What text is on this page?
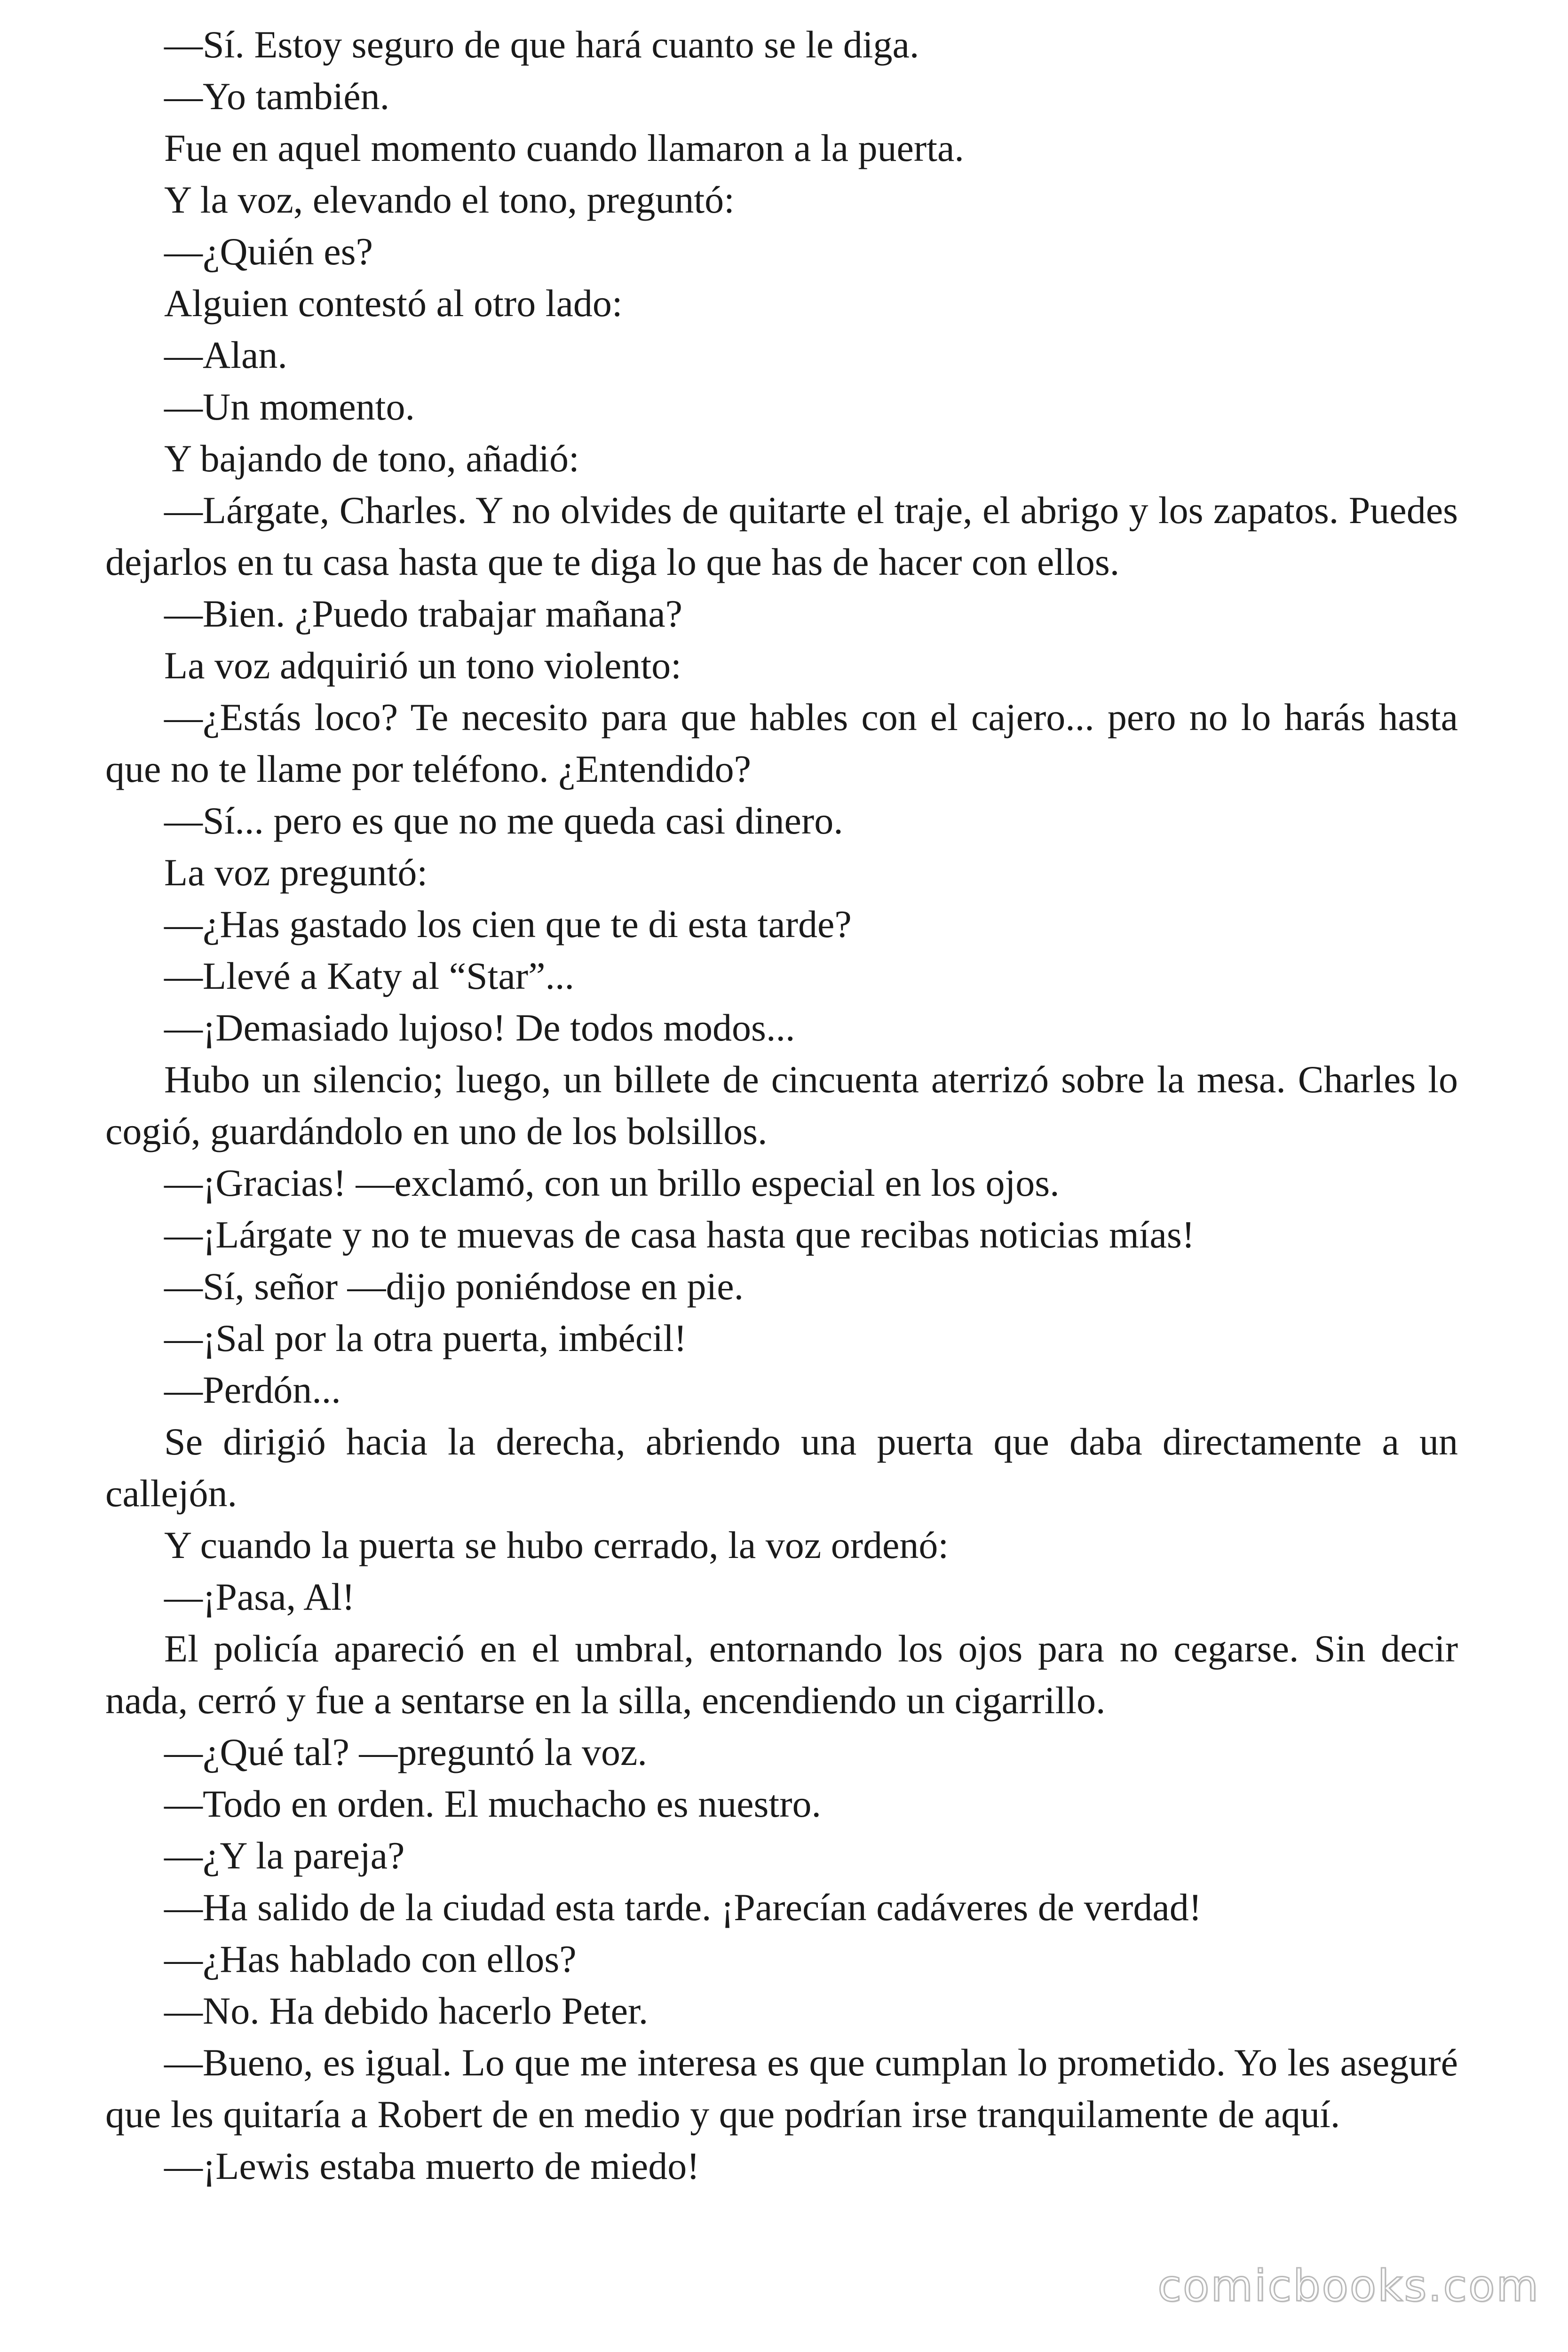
—Sí. Estoy seguro de que hará cuanto se le diga.

—Yo también.

Fue en aquel momento cuando llamaron a la puerta.

Y la voz, elevando el tono, preguntó:

—¿Quién es?

Alguien contestó al otro lado:

—Alan.

—Un momento.

Y bajando de tono, añadió:

—Lárgate, Charles. Y no olvides de quitarte el traje, el abrigo y los zapatos. Puedes dejarlos en tu casa hasta que te diga lo que has de hacer con ellos.

—Bien. ¿Puedo trabajar mañana?

La voz adquirió un tono violento:

—¿Estás loco? Te necesito para que hables con el cajero... pero no lo harás hasta que no te llame por teléfono. ¿Entendido?

—Sí... pero es que no me queda casi dinero.

La voz preguntó:

—¿Has gastado los cien que te di esta tarde?

—Llevé a Katy al “Star”...

—¡Demasiado lujoso! De todos modos...

Hubo un silencio; luego, un billete de cincuenta aterrizó sobre la mesa. Charles lo cogió, guardándolo en uno de los bolsillos.

—¡Gracias! —exclamó, con un brillo especial en los ojos.

—¡Lárgate y no te muevas de casa hasta que recibas noticias mías!

—Sí, señor —dijo poniéndose en pie.

—¡Sal por la otra puerta, imbécil!

—Perdón...

Se dirigió hacia la derecha, abriendo una puerta que daba directamente a un callejón.

Y cuando la puerta se hubo cerrado, la voz ordenó:

—¡Pasa, Al!

El policía apareció en el umbral, entornando los ojos para no cegarse. Sin decir nada, cerró y fue a sentarse en la silla, encendiendo un cigarrillo.

—¿Qué tal? —preguntó la voz.

—Todo en orden. El muchacho es nuestro.

—¿Y la pareja?

—Ha salido de la ciudad esta tarde. ¡Parecían cadáveres de verdad!

—¿Has hablado con ellos?

—No. Ha debido hacerlo Peter.

—Bueno, es igual. Lo que me interesa es que cumplan lo prometido. Yo les aseguré que les quitaría a Robert de en medio y que podrían irse tranquilamente de aquí.

—¡Lewis estaba muerto de miedo!

comicbooks.com
